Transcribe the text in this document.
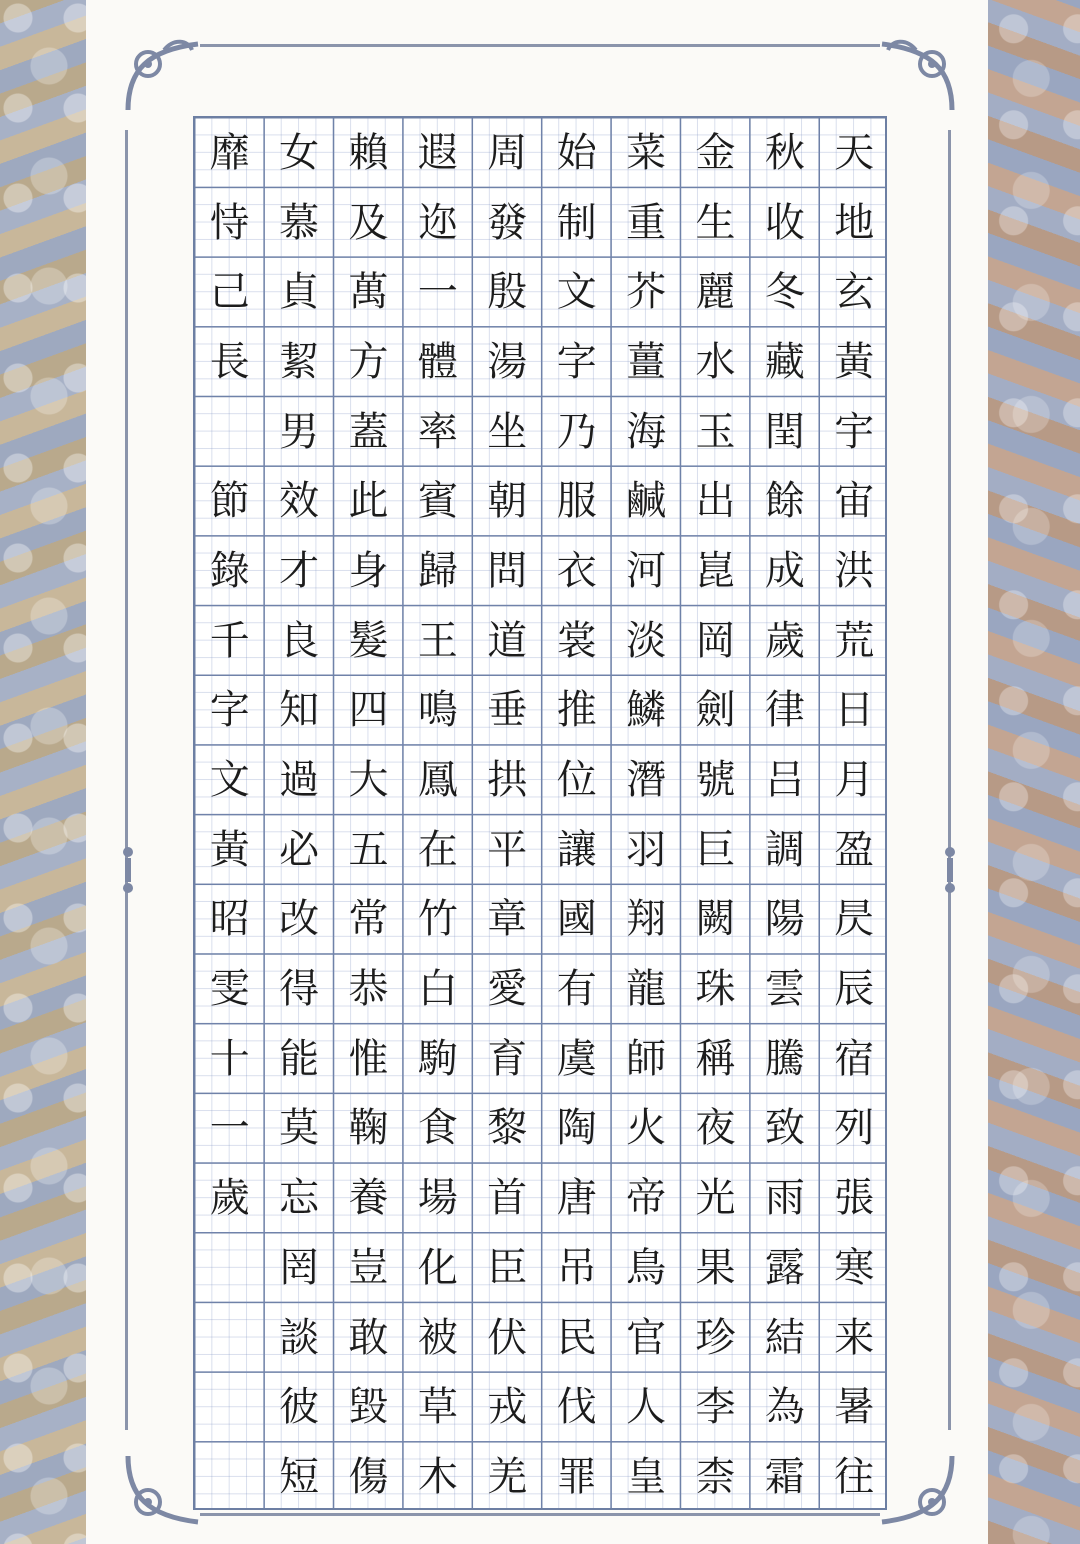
天
地
玄
黃
宇
宙
洪
荒
日
月
盈
昃
辰
宿
列
張
寒
来
暑
往
秋
收
冬
藏
閏
餘
成
歲
律
吕
調
陽
雲
騰
致
雨
露
結
為
霜
金
生
麗
水
玉
出
崑
岡
劍
號
巨
闕
珠
稱
夜
光
果
珍
李
柰
菜
重
芥
薑
海
鹹
河
淡
鱗
潛
羽
翔
龍
師
火
帝
鳥
官
人
皇
始
制
文
字
乃
服
衣
裳
推
位
讓
國
有
虞
陶
唐
吊
民
伐
罪
周
發
殷
湯
坐
朝
問
道
垂
拱
平
章
愛
育
黎
首
臣
伏
戎
羌
遐
迩
一
體
率
賓
歸
王
鳴
鳳
在
竹
白
駒
食
場
化
被
草
木
賴
及
萬
方
蓋
此
身
髮
四
大
五
常
恭
惟
鞠
養
豈
敢
毀
傷
女
慕
貞
絜
男
效
才
良
知
過
必
改
得
能
莫
忘
罔
談
彼
短
靡
恃
己
長
節
錄
千
字
文
黃
昭
雯
十
一
歲
